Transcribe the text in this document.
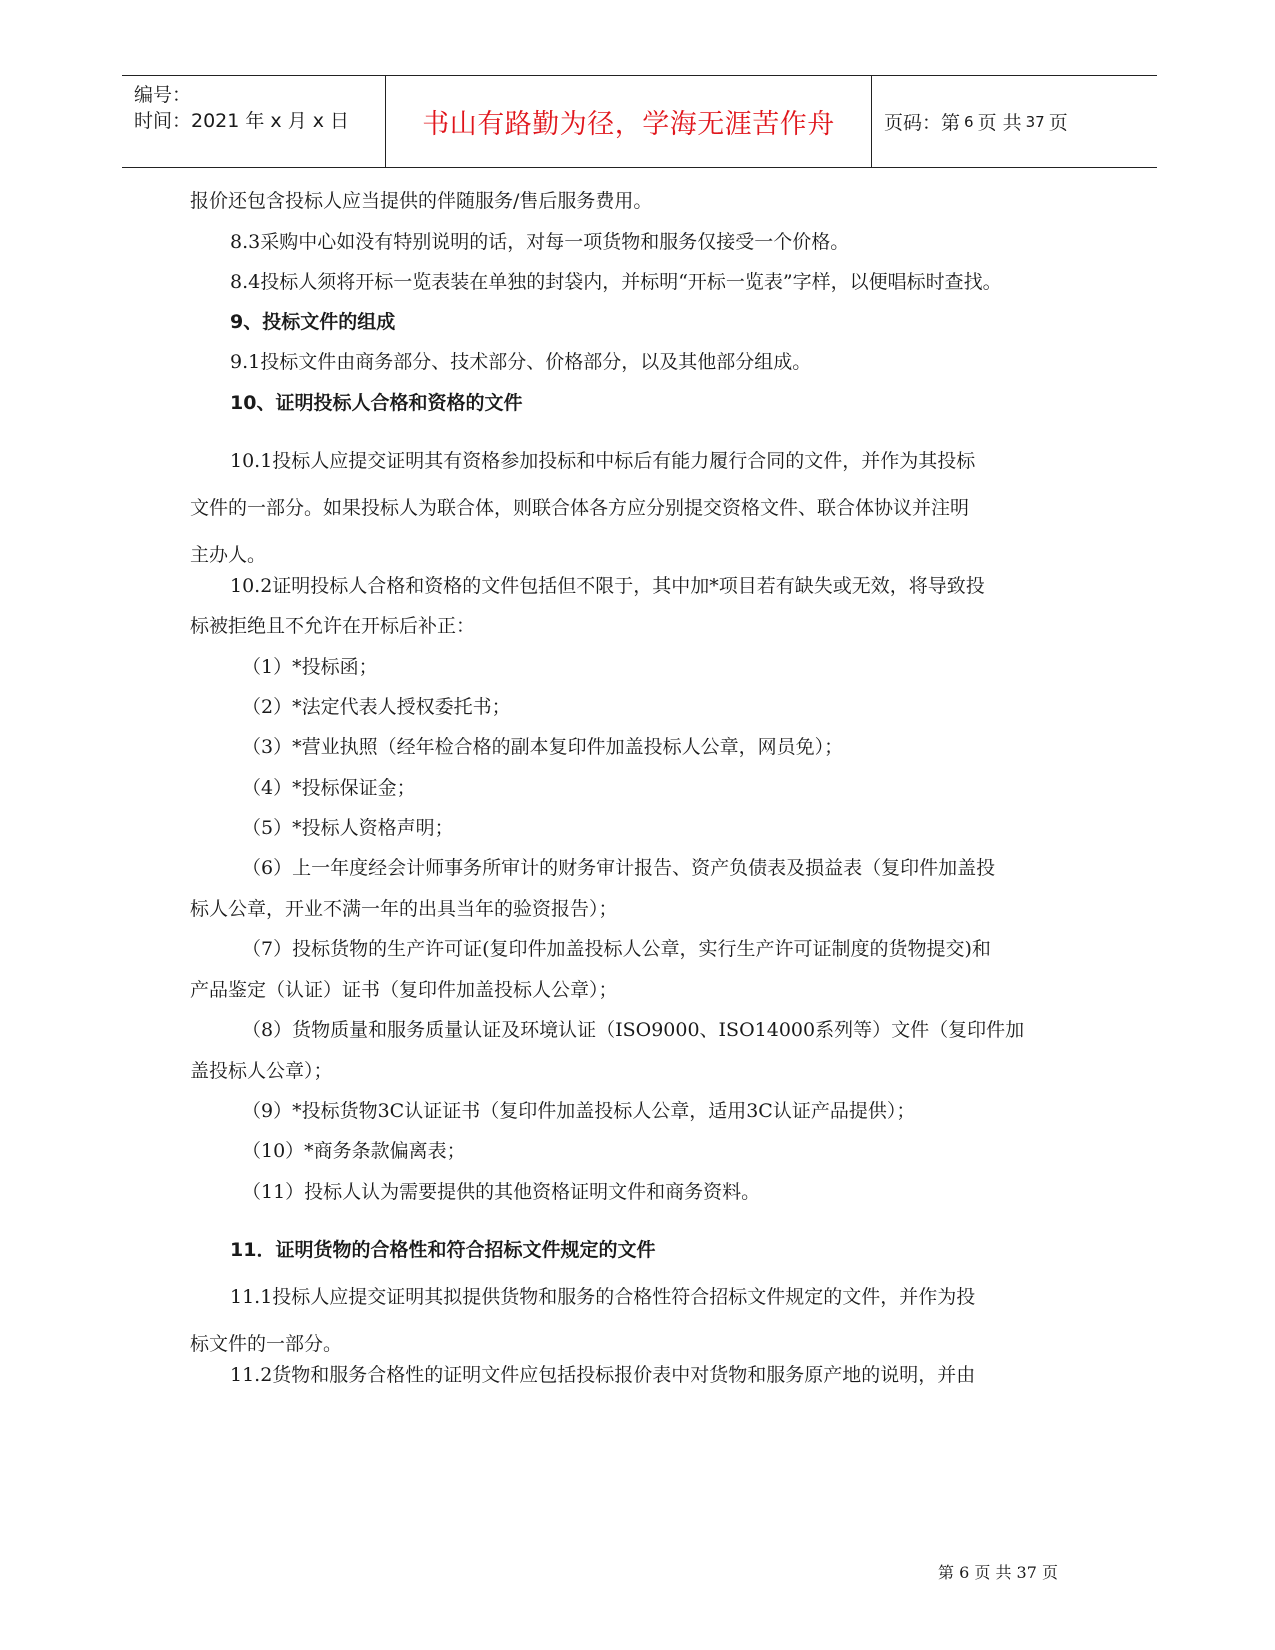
编号：
时间：2021 年 x 月 x 日	书山有路勤为径，学海无涯苦作舟	页码：第 6 页 共 37 页
报价还包含投标人应当提供的伴随服务/售后服务费用。
8.3采购中心如没有特别说明的话，对每一项货物和服务仅接受一个价格。
8.4投标人须将开标一览表装在单独的封袋内，并标明“开标一览表”字样，以便唱标时查找。
9、投标文件的组成
9.1投标文件由商务部分、技术部分、价格部分，以及其他部分组成。
10、证明投标人合格和资格的文件
10.1投标人应提交证明其有资格参加投标和中标后有能力履行合同的文件，并作为其投标
文件的一部分。如果投标人为联合体，则联合体各方应分别提交资格文件、联合体协议并注明
主办人。
10.2证明投标人合格和资格的文件包括但不限于，其中加*项目若有缺失或无效，将导致投
标被拒绝且不允许在开标后补正：
（1）*投标函；
（2）*法定代表人授权委托书；
（3）*营业执照（经年检合格的副本复印件加盖投标人公章，网员免）；
（4）*投标保证金；
（5）*投标人资格声明；
（6）上一年度经会计师事务所审计的财务审计报告、资产负债表及损益表（复印件加盖投
标人公章，开业不满一年的出具当年的验资报告）；
（7）投标货物的生产许可证(复印件加盖投标人公章，实行生产许可证制度的货物提交)和
产品鉴定（认证）证书（复印件加盖投标人公章）；
（8）货物质量和服务质量认证及环境认证（ISO9000、ISO14000系列等）文件（复印件加
盖投标人公章）；
（9）*投标货物3C认证证书（复印件加盖投标人公章，适用3C认证产品提供）；
（10）*商务条款偏离表；
（11）投标人认为需要提供的其他资格证明文件和商务资料。
11．证明货物的合格性和符合招标文件规定的文件
11.1投标人应提交证明其拟提供货物和服务的合格性符合招标文件规定的文件，并作为投
标文件的一部分。
11.2货物和服务合格性的证明文件应包括投标报价表中对货物和服务原产地的说明，并由
第 6 页 共 37 页
